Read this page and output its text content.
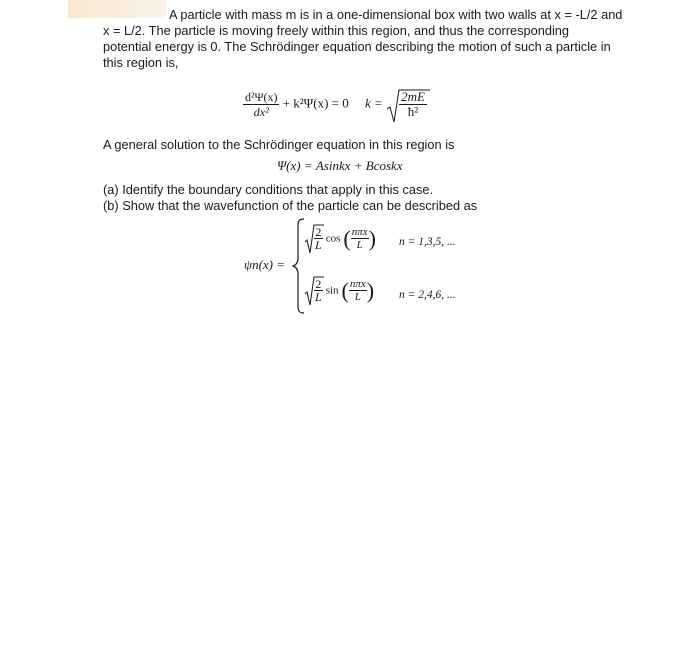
A particle with mass m is in a one-dimensional box with two walls at x = -L/2 and
x = L/2. The particle is moving freely within this region, and thus the corresponding
potential energy is 0. The Schrödinger equation describing the motion of such a particle in
this region is,
$\frac{\text{d²Ψ(x)}}{\text{dx²}} + k^2\Psi(x) = 0$ $k = \frac{2mE}{\text{ħ²}}$
A general solution to the Schrödinger equation in this region is
Ψ(x) = Asinkx + Bcoskx
(a) Identify the boundary conditions that apply in this case.
(b) Show that the wavefunction of the particle can be described as
ψn(x) =
$\frac{2}{L}$ cos ( $\frac{\text{nπx}}{L}$ ) n = 1,3,5, ...
$\frac{2}{L}$ sin ( $\frac{\text{nπx}}{L}$ ) n = 2,4,6, ...
